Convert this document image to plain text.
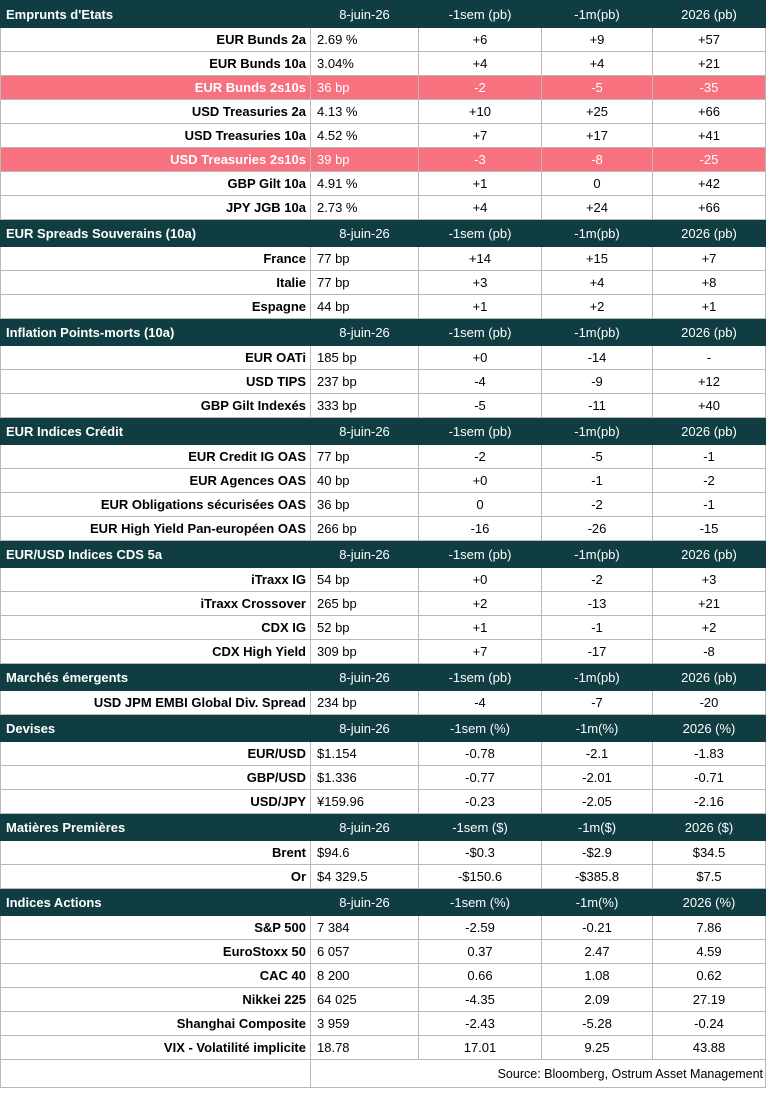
Emprunts d'Etats	8-juin-26	-1sem (pb)	-1m(pb)	2026 (pb)
EUR Bunds 2a	2.69 %	+6	+9	+57
EUR Bunds 10a	3.04%	+4	+4	+21
EUR Bunds 2s10s	36 bp	-2	-5	-35
USD Treasuries 2a	4.13 %	+10	+25	+66
USD Treasuries 10a	4.52 %	+7	+17	+41
USD Treasuries 2s10s	39 bp	-3	-8	-25
GBP Gilt 10a	4.91 %	+1	0	+42
JPY JGB 10a	2.73 %	+4	+24	+66
EUR Spreads Souverains (10a)	8-juin-26	-1sem (pb)	-1m(pb)	2026 (pb)
France	77 bp	+14	+15	+7
Italie	77 bp	+3	+4	+8
Espagne	44 bp	+1	+2	+1
Inflation Points-morts (10a)	8-juin-26	-1sem (pb)	-1m(pb)	2026 (pb)
EUR OATi	185 bp	+0	-14	-
USD TIPS	237 bp	-4	-9	+12
GBP Gilt Indexés	333 bp	-5	-11	+40
EUR Indices Crédit	8-juin-26	-1sem (pb)	-1m(pb)	2026 (pb)
EUR Credit IG OAS	77 bp	-2	-5	-1
EUR Agences OAS	40 bp	+0	-1	-2
EUR Obligations sécurisées OAS	36 bp	0	-2	-1
EUR High Yield Pan-européen OAS	266 bp	-16	-26	-15
EUR/USD Indices CDS 5a	8-juin-26	-1sem (pb)	-1m(pb)	2026 (pb)
iTraxx IG	54 bp	+0	-2	+3
iTraxx Crossover	265 bp	+2	-13	+21
CDX IG	52 bp	+1	-1	+2
CDX High Yield	309 bp	+7	-17	-8
Marchés émergents	8-juin-26	-1sem (pb)	-1m(pb)	2026 (pb)
USD JPM EMBI Global Div. Spread	234 bp	-4	-7	-20
Devises	8-juin-26	-1sem (%)	-1m(%)	2026 (%)
EUR/USD	$1.154	-0.78	-2.1	-1.83
GBP/USD	$1.336	-0.77	-2.01	-0.71
USD/JPY	¥159.96	-0.23	-2.05	-2.16
Matières Premières	8-juin-26	-1sem ($)	-1m($)	2026 ($)
Brent	$94.6	-$0.3	-$2.9	$34.5
Or	$4 329.5	-$150.6	-$385.8	$7.5
Indices Actions	8-juin-26	-1sem (%)	-1m(%)	2026 (%)
S&P 500	7 384	-2.59	-0.21	7.86
EuroStoxx 50	6 057	0.37	2.47	4.59
CAC 40	8 200	0.66	1.08	0.62
Nikkei 225	64 025	-4.35	2.09	27.19
Shanghai Composite	3 959	-2.43	-5.28	-0.24
VIX - Volatilité implicite	18.78	17.01	9.25	43.88
	Source: Bloomberg, Ostrum Asset Management			
